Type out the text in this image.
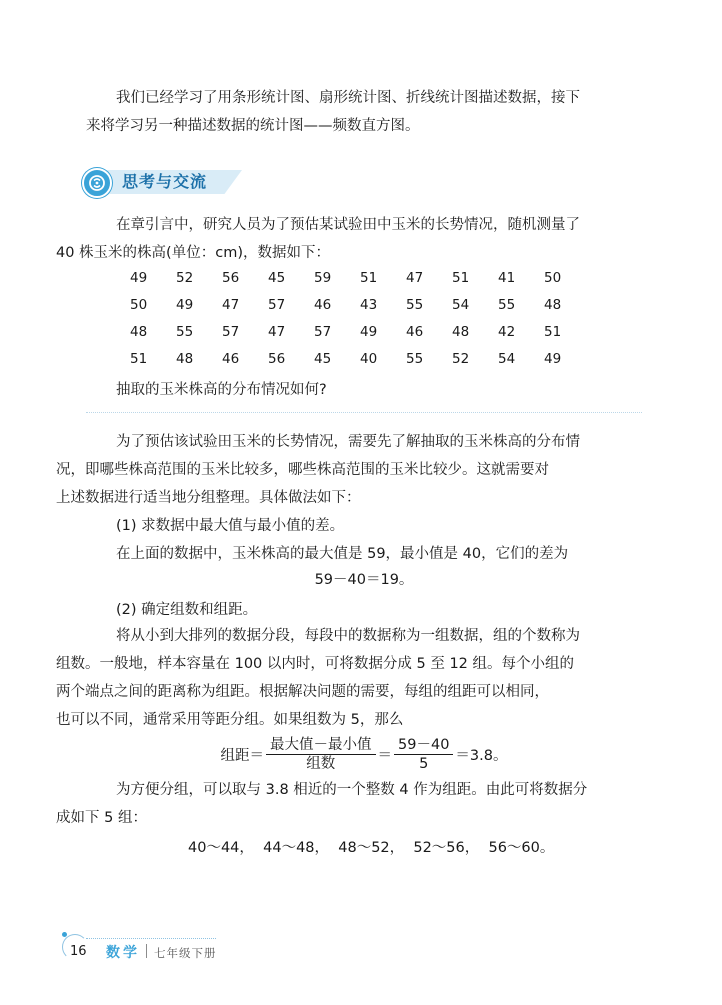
我们已经学习了用条形统计图、扇形统计图、折线统计图描述数据，接下
来将学习另一种描述数据的统计图——频数直方图。

思考与交流

在章引言中，研究人员为了预估某试验田中玉米的长势情况，随机测量了
40 株玉米的株高(单位：cm)，数据如下：

49	52	56	45	59	51	47	51	41	50
50	49	47	57	46	43	55	54	55	48
48	55	57	47	57	49	46	48	42	51
51	48	46	56	45	40	55	52	54	49

抽取的玉米株高的分布情况如何?

为了预估该试验田玉米的长势情况，需要先了解抽取的玉米株高的分布情
况，即哪些株高范围的玉米比较多，哪些株高范围的玉米比较少。这就需要对
上述数据进行适当地分组整理。具体做法如下：

(1) 求数据中最大值与最小值的差。

在上面的数据中，玉米株高的最大值是 59，最小值是 40，它们的差为

59－40＝19。

(2) 确定组数和组距。

将从小到大排列的数据分段，每段中的数据称为一组数据，组的个数称为
组数。一般地，样本容量在 100 以内时，可将数据分成 5 至 12 组。每个小组的
两个端点之间的距离称为组距。根据解决问题的需要，每组的组距可以相同，
也可以不同，通常采用等距分组。如果组数为 5，那么

组距＝ $\frac{\text{最大值－最小值}}{\text{组数}} = \frac{59-40}{5} =3.8$。

为方便分组，可以取与 3.8 相近的一个整数 4 作为组距。由此可将数据分
成如下 5 组：

40～44，  44～48，  48～52，  52～56，  56～60。
16 数学 七年级下册
